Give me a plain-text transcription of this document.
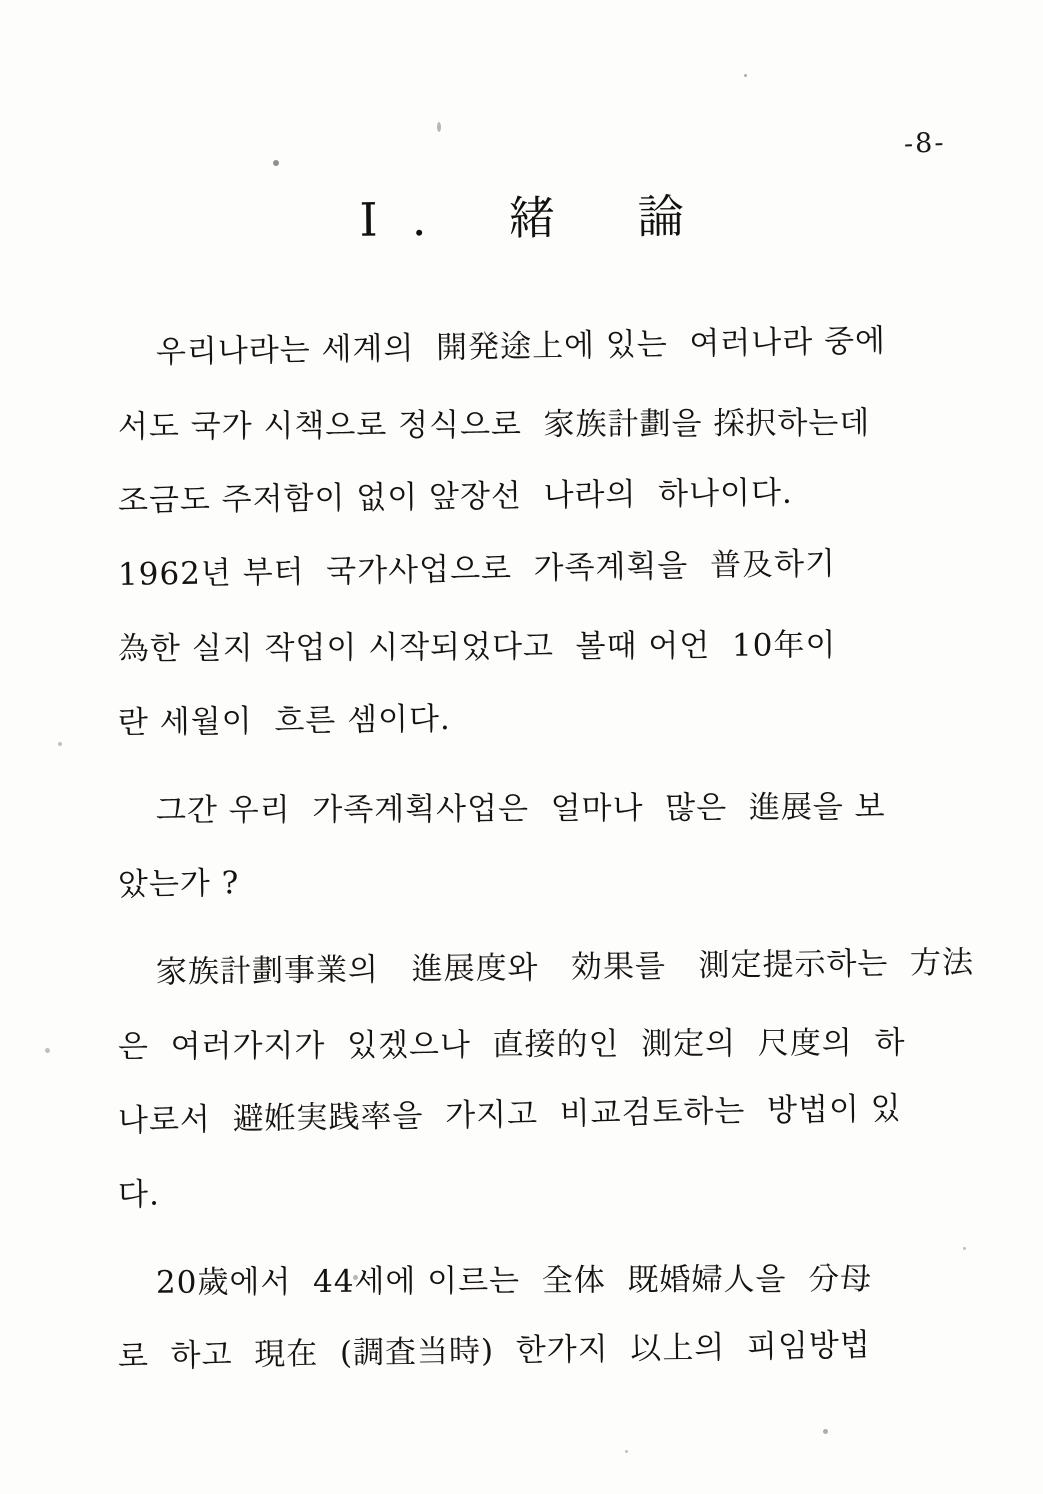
-8-
I. 緒 論
우리나라는 세계의  開発途上에 있는  여러나라 중에
서도 국가 시책으로 정식으로  家族計劃을 採択하는데
조금도 주저함이 없이 앞장선  나라의  하나이다.
1962년 부터  국가사업으로  가족계획을  普及하기
為한 실지 작업이 시작되었다고  볼때 어언  10年이
란 세월이  흐른 셈이다.
그간 우리  가족계획사업은  얼마나  많은  進展을 보
았는가 ?
家族計劃事業의   進展度와   効果를   測定提示하는  方法
은  여러가지가  있겠으나  直接的인  測定의  尺度의  하
나로서  避姙実践率을  가지고  비교검토하는  방법이 있
다.
20歲에서  44세에 이르는  全体  既婚婦人을  分母
로  하고  現在  (調査当時)  한가지  以上의  피임방법
